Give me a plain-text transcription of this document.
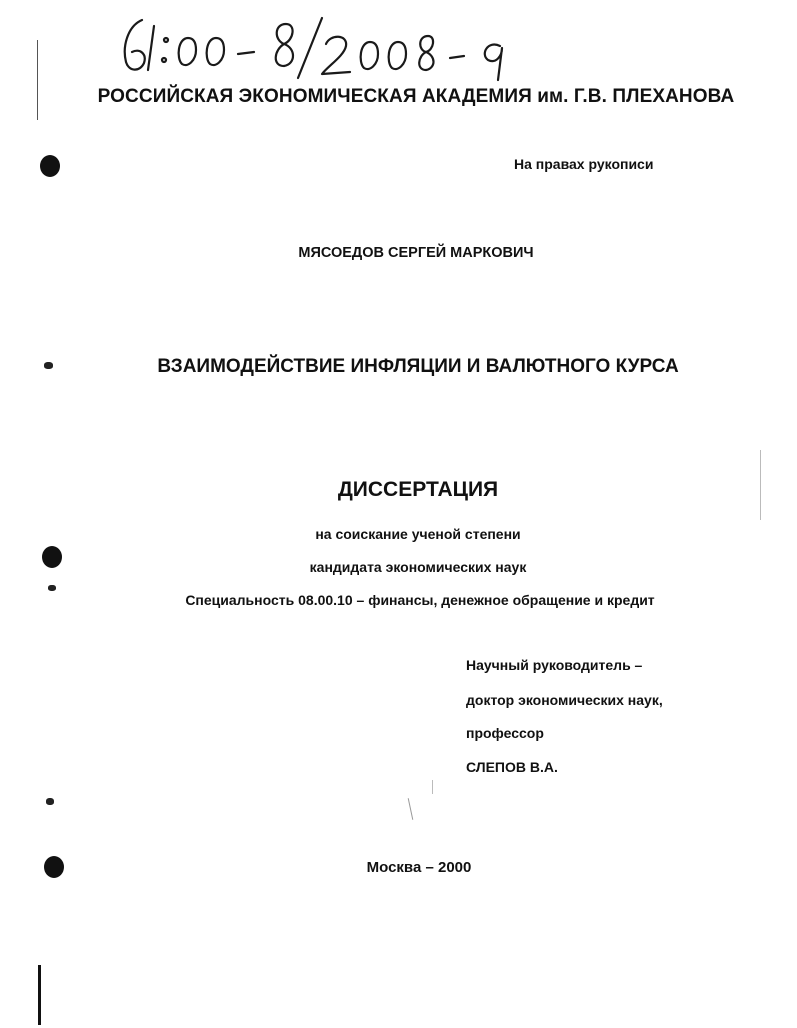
РОССИЙСКАЯ ЭКОНОМИЧЕСКАЯ АКАДЕМИЯ им. Г.В. ПЛЕХАНОВА
На правах рукописи
МЯСОЕДОВ СЕРГЕЙ МАРКОВИЧ
ВЗАИМОДЕЙСТВИЕ ИНФЛЯЦИИ И ВАЛЮТНОГО КУРСА
ДИССЕРТАЦИЯ
на соискание ученой степени
кандидата экономических наук
Специальность 08.00.10 – финансы, денежное обращение и кредит
Научный руководитель –
доктор экономических наук,
профессор
СЛЕПОВ В.А.
Москва – 2000
